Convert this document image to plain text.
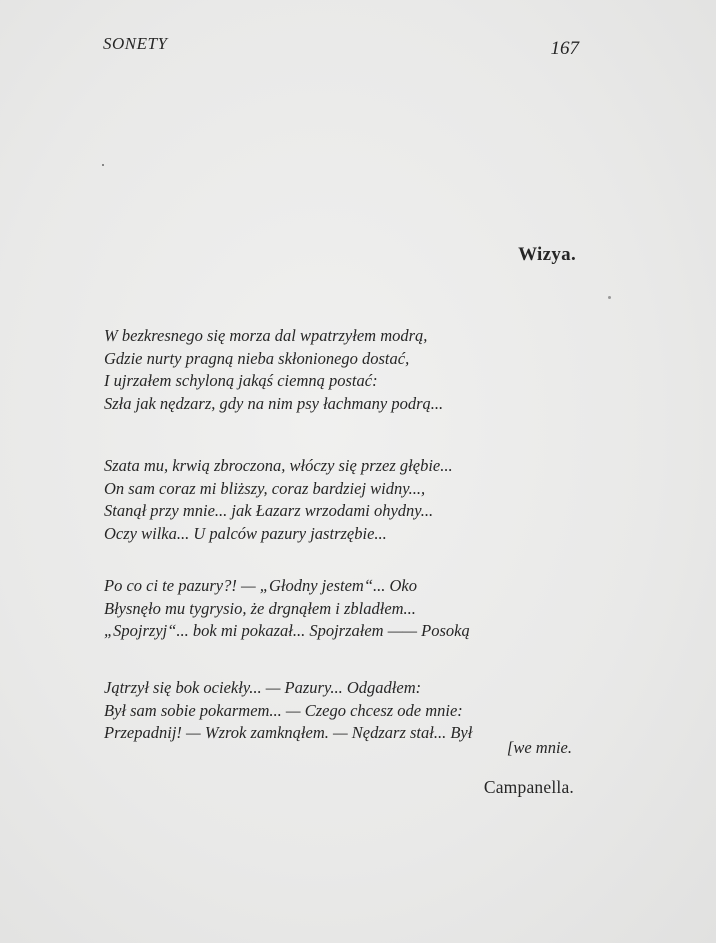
SONETY	167
Wizya.
W bezkresnego się morza dal wpatrzyłem modrą,
Gdzie nurty pragną nieba skłonionego dostać,
I ujrzałem schyloną jakąś ciemną postać:
Szła jak nędzarz, gdy na nim psy łachmany podrą...
Szata mu, krwią zbroczona, włóczy się przez głębie...
On sam coraz mi bliższy, coraz bardziej widny...,
Stanął przy mnie... jak Łazarz wrzodami ohydny...
Oczy wilka... U palców pazury jastrzębie...
Po co ci te pazury?! — „Głodny jestem“... Oko
Błysnęło mu tygrysio, że drgnąłem i zbladłem...
„Spojrzyj“... bok mi pokazał... Spojrzałem —— Posoką
Jątrzył się bok ociekły... — Pazury... Odgadłem:
Był sam sobie pokarmem... — Czego chcesz ode mnie:
Przepadnij! — Wzrok zamknąłem. — Nędzarz stał... Był
[we mnie.
Campanella.
